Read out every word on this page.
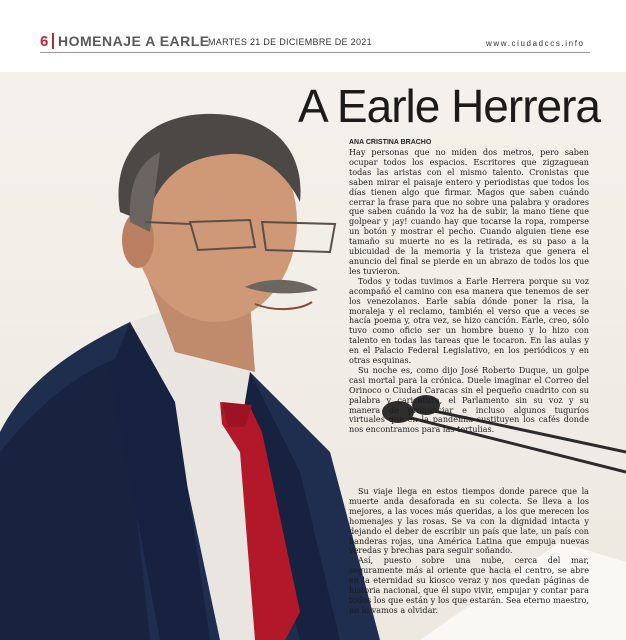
6 HOMENAJE A EARLE
MARTES 21 DE DICIEMBRE DE 2021	www.ciudadccs.info
A Earle Herrera
ANA CRISTINA BRACHO

Hay personas que no miden dos metros, pero saben ocupar todos los espacios. Escritores que zigzaguean todas las aristas con el mismo talento. Cronistas que saben mirar el paisaje entero y periodistas que todos los días tienen algo que firmar. Magos que saben cuándo cerrar la frase para que no sobre una palabra y oradores que saben cuándo la voz ha de subir, la mano tiene que golpear y ¡ay! cuando hay que tocarse la ropa, romperse un botón y mostrar el pecho. Cuando alguien tiene ese tamaño su muerte no es la retirada, es su paso a la ubicuidad de la memoria y la tristeza que genera el anuncio del final se pierde en un abrazo de todos los que les tuvieron.

Todos y todas tuvimos a Earle Herrera porque su voz acompañó el camino con esa manera que tenemos de ser los venezolanos. Earle sabía dónde poner la risa, la moraleja y el reclamo, también el verso que a veces se hacía poema y, otra vez, se hizo canción. Earle, creo, sólo tuvo como oficio ser un hombre bueno y lo hizo con talento en todas las tareas que le tocaron. En las aulas y en el Palacio Federal Legislativo, en los periódicos y en otras esquinas.

Su noche es, como dijo José Roberto Duque, un golpe casi mortal para la crónica. Duele imaginar el Correo del Orinoco o Ciudad Caracas sin el pequeño cuadrito con su palabra y caricatura, el Parlamento sin su voz y su manera de pronunciar e incluso algunos tuguríos virtuales que en la pandemia sustituyen los cafés donde nos encontramos para las tertulias.

Su viaje llega en estos tiempos donde parece que la muerte anda desaforada en su colecta. Se lleva a los mejores, a las voces más queridas, a los que merecen los homenajes y las rosas. Se va con la dignidad intacta y dejando el deber de escribir un país que late, un país con banderas rojas, una América Latina que empuja nuevas veredas y brechas para seguir soñando.

Así, puesto sobre una nube, cerca del mar, seguramente más al oriente que hacia el centro, se abre en la eternidad su kiosco veraz y nos quedan páginas de historia nacional, que él supo vivir, empujar y contar para todos los que están y los que estarán. Sea eterno maestro, no lo vamos a olvidar.
